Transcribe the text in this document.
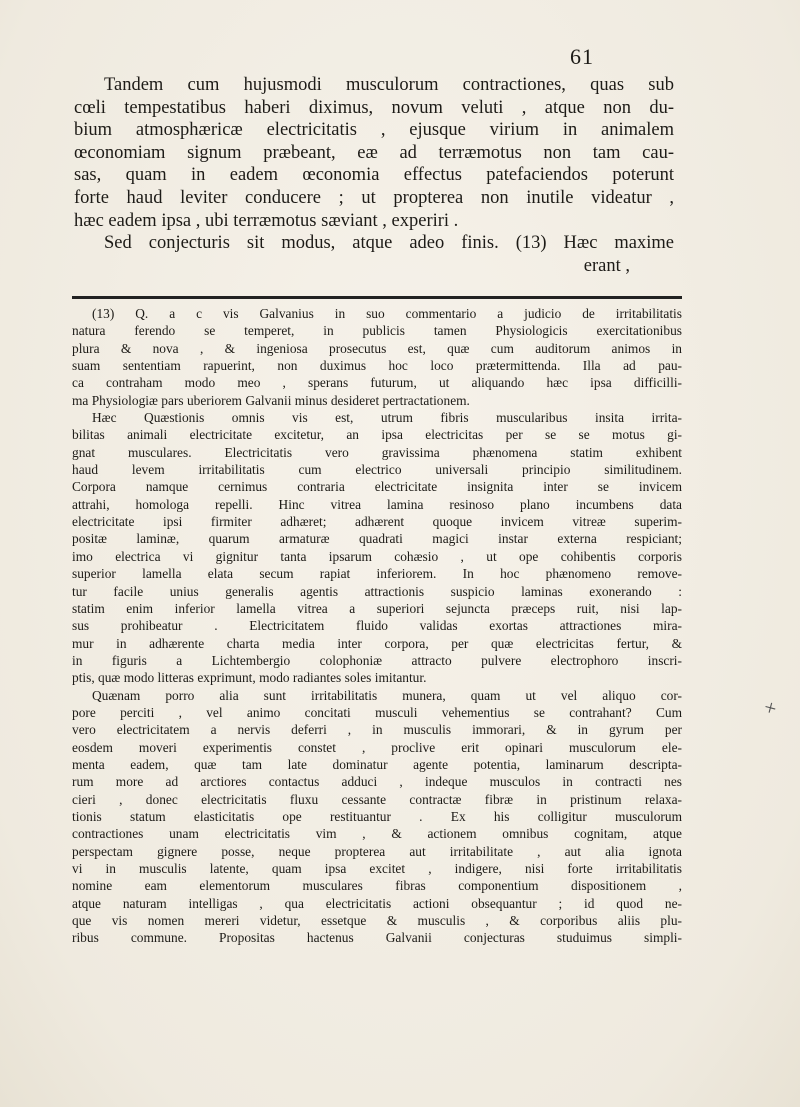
61
Tandem cum hujusmodi musculorum contractiones, quas sub
cœli tempestatibus haberi diximus, novum veluti , atque non du-
bium atmosphæricæ electricitatis , ejusque virium in animalem
œconomiam signum præbeant, eæ ad terræmotus non tam cau-
sas, quam in eadem œconomia effectus patefaciendos poterunt
forte haud leviter conducere ; ut propterea non inutile videatur ,
hæc eadem ipsa , ubi terræmotus sæviant , experiri .
Sed conjecturis sit modus, atque adeo finis. (13) Hæc maxime
erant ,
(13) Q. a c vis Galvanius in suo commentario a judicio de irritabilitatis
natura ferendo se temperet, in publicis tamen Physiologicis exercitationibus
plura & nova , & ingeniosa prosecutus est, quæ cum auditorum animos in
suam sententiam rapuerint, non duximus hoc loco prætermittenda. Illa ad pau-
ca contraham modo meo , sperans futurum, ut aliquando hæc ipsa difficilli-
ma Physiologiæ pars uberiorem Galvanii minus desideret pertractationem.
Hæc Quæstionis omnis vis est, utrum fibris muscularibus insita irrita-
bilitas animali electricitate excitetur, an ipsa electricitas per se se motus gi-
gnat musculares. Electricitatis vero gravissima phænomena statim exhibent
haud levem irritabilitatis cum electrico universali principio similitudinem.
Corpora namque cernimus contraria electricitate insignita inter se invicem
attrahi, homologa repelli. Hinc vitrea lamina resinoso plano incumbens data
electricitate ipsi firmiter adhæret; adhærent quoque invicem vitreæ superim-
positæ laminæ, quarum armaturæ quadrati magici instar externa respiciant;
imo electrica vi gignitur tanta ipsarum cohæsio , ut ope cohibentis corporis
superior lamella elata secum rapiat inferiorem. In hoc phænomeno remove-
tur facile unius generalis agentis attractionis suspicio laminas exonerando :
statim enim inferior lamella vitrea a superiori sejuncta præceps ruit, nisi lap-
sus prohibeatur . Electricitatem fluido validas exortas attractiones mira-
mur in adhærente charta media inter corpora, per quæ electricitas fertur, &
in figuris a Lichtembergio colophoniæ attracto pulvere electrophoro inscri-
ptis, quæ modo litteras exprimunt, modo radiantes soles imitantur.
Quænam porro alia sunt irritabilitatis munera, quam ut vel aliquo cor-
pore perciti , vel animo concitati musculi vehementius se contrahant? Cum
vero electricitatem a nervis deferri , in musculis immorari, & in gyrum per
eosdem moveri experimentis constet , proclive erit opinari musculorum ele-
menta eadem, quæ tam late dominatur agente potentia, laminarum descripta-
rum more ad arctiores contactus adduci , indeque musculos in contracti nes
cieri , donec electricitatis fluxu cessante contractæ fibræ in pristinum relaxa-
tionis statum elasticitatis ope restituantur . Ex his colligitur musculorum
contractiones unam electricitatis vim , & actionem omnibus cognitam, atque
perspectam gignere posse, neque propterea aut irritabilitate , aut alia ignota
vi in musculis latente, quam ipsa excitet , indigere, nisi forte irritabilitatis
nomine eam elementorum musculares fibras componentium dispositionem ,
atque naturam intelligas , qua electricitatis actioni obsequantur ; id quod ne-
que vis nomen mereri videtur, essetque & musculis , & corporibus aliis plu-
ribus commune. Propositas hactenus Galvanii conjecturas studuimus simpli-
⨯
